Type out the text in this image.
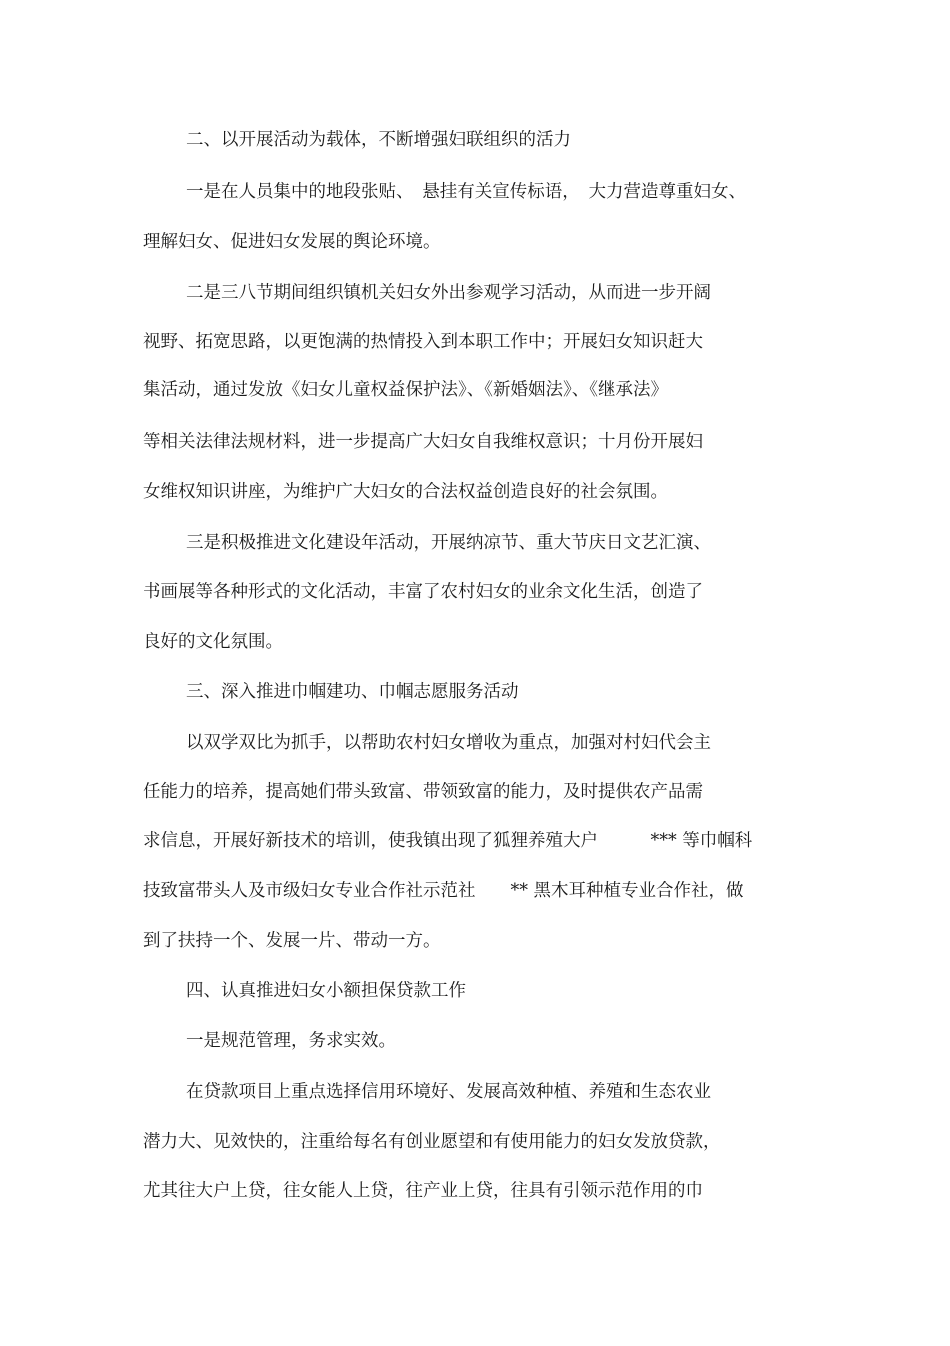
二、以开展活动为载体，不断增强妇联组织的活力
一是在人员集中的地段张贴、　悬挂有关宣传标语，　大力营造尊重妇女、
理解妇女、促进妇女发展的舆论环境。
二是三八节期间组织镇机关妇女外出参观学习活动，从而进一步开阔
视野、拓宽思路，以更饱满的热情投入到本职工作中；开展妇女知识赶大
集活动，通过发放《妇女儿童权益保护法》、《新婚姻法》、《继承法》
等相关法律法规材料，进一步提高广大妇女自我维权意识；十月份开展妇
女维权知识讲座，为维护广大妇女的合法权益创造良好的社会氛围。
三是积极推进文化建设年活动，开展纳凉节、重大节庆日文艺汇演、
书画展等各种形式的文化活动，丰富了农村妇女的业余文化生活，创造了
良好的文化氛围。
三、深入推进巾帼建功、巾帼志愿服务活动
以双学双比为抓手，以帮助农村妇女增收为重点，加强对村妇代会主
任能力的培养，提高她们带头致富、带领致富的能力，及时提供农产品需
求信息，开展好新技术的培训，使我镇出现了狐狸养殖大户　　　*** 等巾帼科
技致富带头人及市级妇女专业合作社示范社　　** 黑木耳种植专业合作社，做
到了扶持一个、发展一片、带动一方。
四、认真推进妇女小额担保贷款工作
一是规范管理，务求实效。
在贷款项目上重点选择信用环境好、发展高效种植、养殖和生态农业
潜力大、见效快的，注重给每名有创业愿望和有使用能力的妇女发放贷款，
尤其往大户上贷，往女能人上贷，往产业上贷，往具有引领示范作用的巾
